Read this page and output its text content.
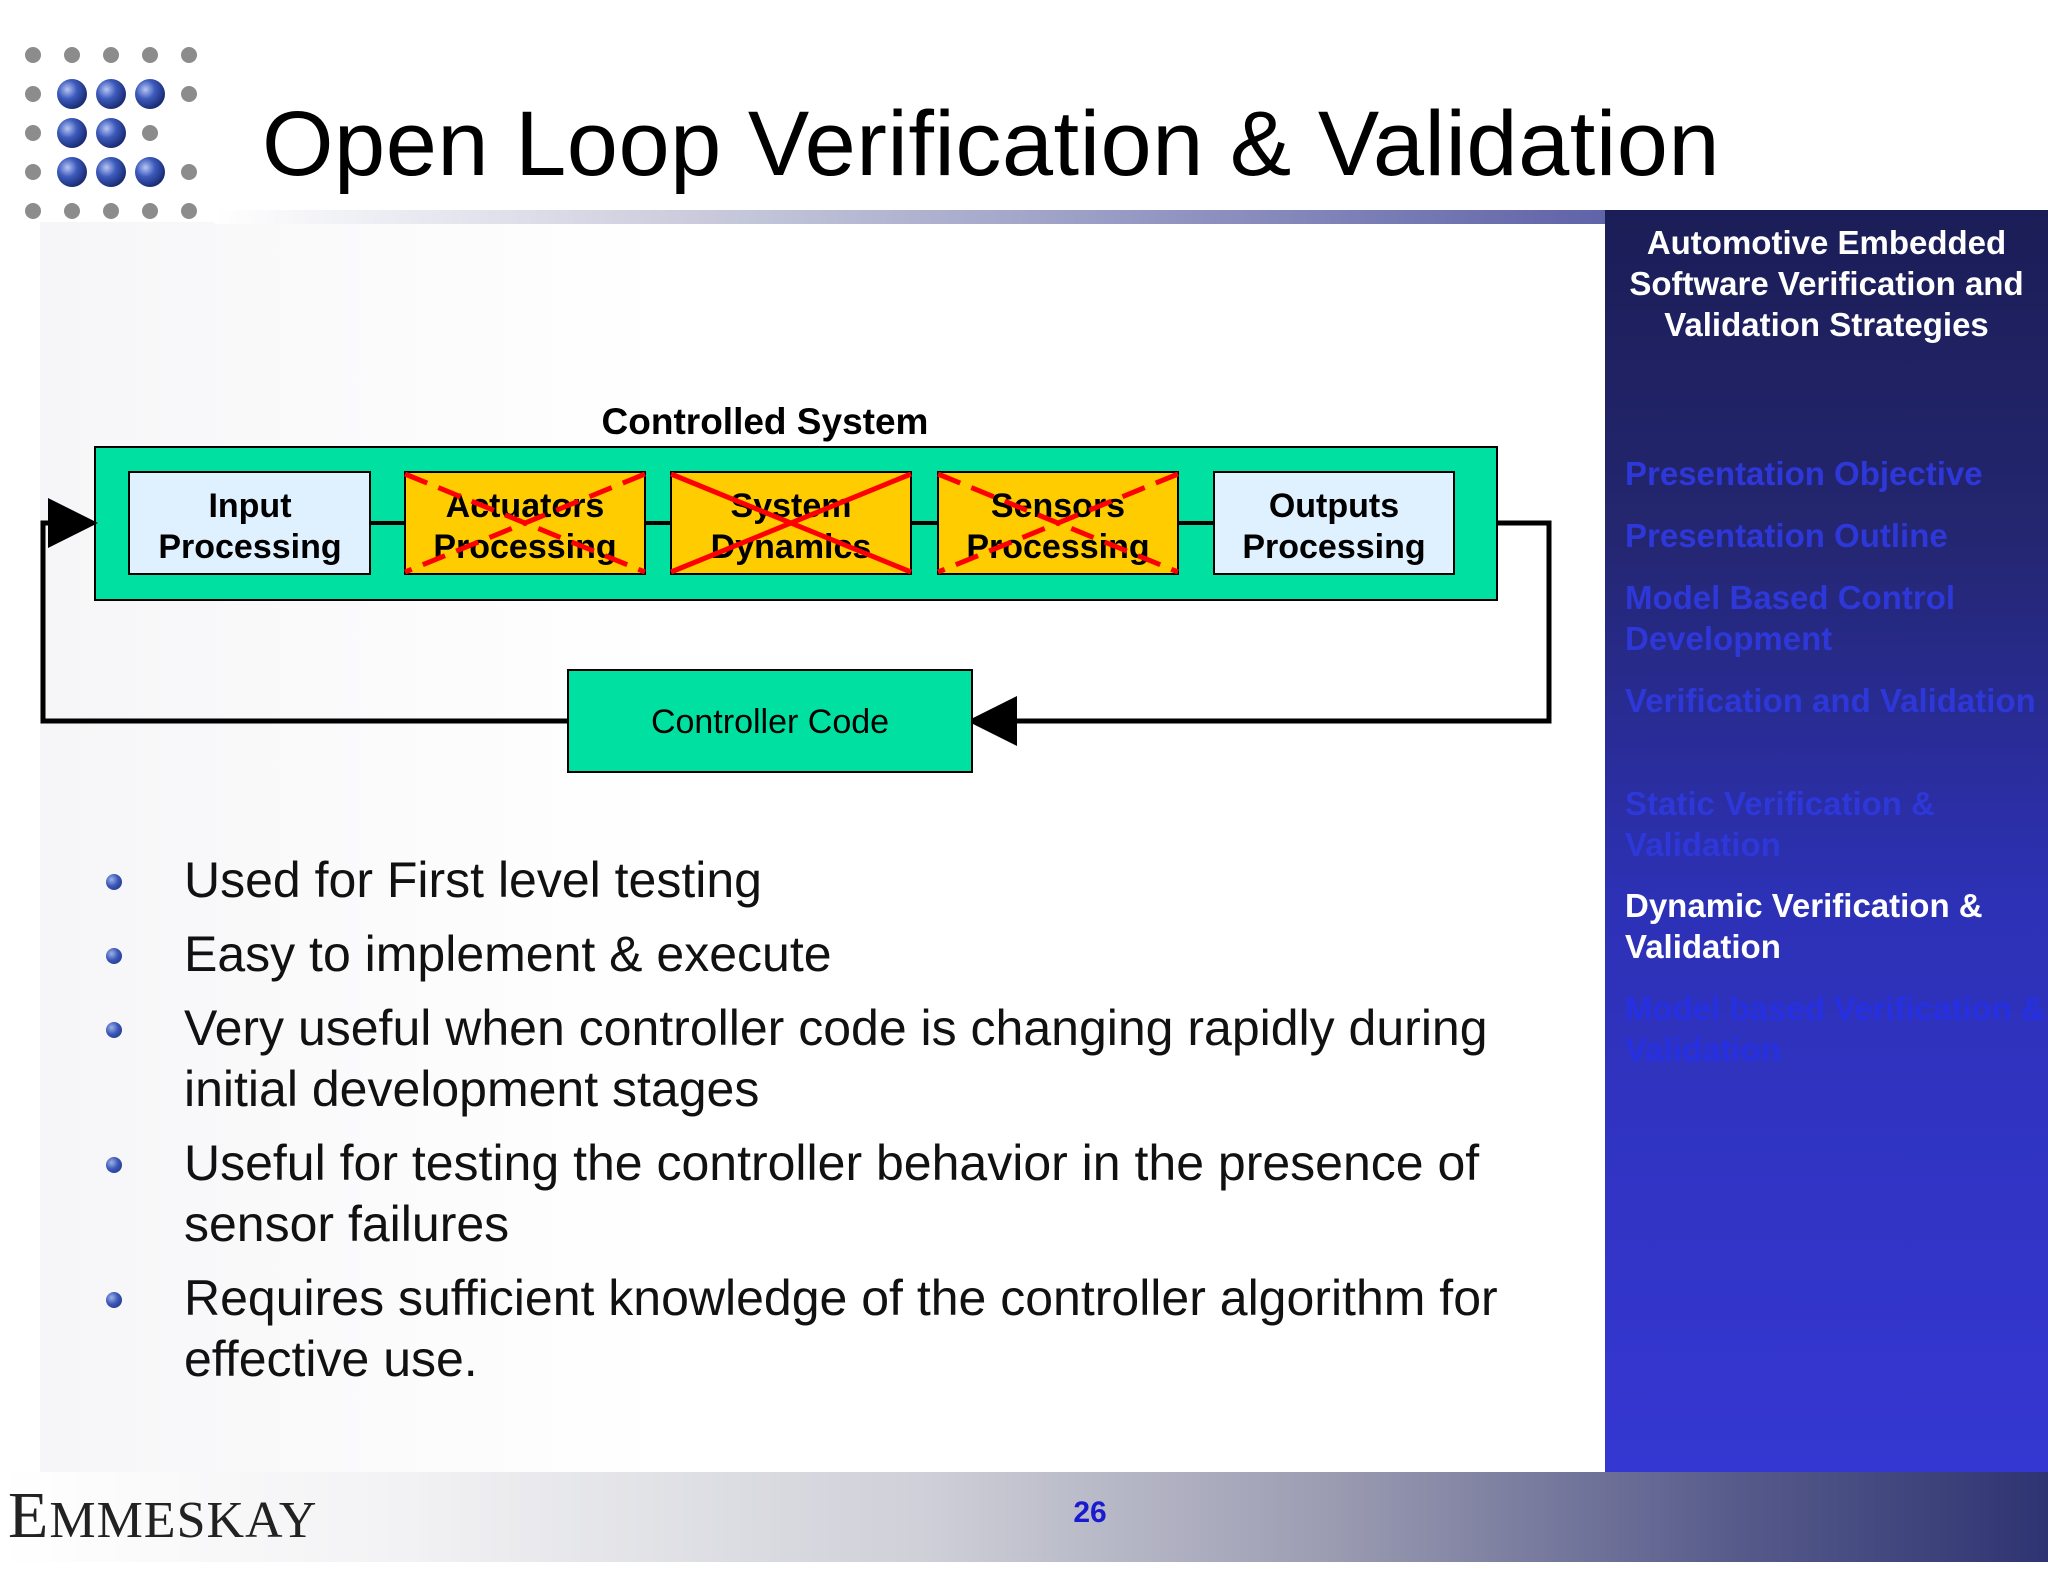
Open Loop Verification & Validation
Automotive Embedded Software Verification and Validation Strategies
Presentation Objective
Presentation Outline
Model Based Control Development
Verification and Validation
Static Verification & Validation
Dynamic Verification & Validation
Model based Verification & Validation
Controlled System
Input
Processing
Actuators
Processing
System
Dynamics
Sensors
Processing
Outputs
Processing
Controller Code
Used for First level testing
Easy to implement & execute
Very useful when controller code is changing rapidly during initial development stages
Useful for testing the controller behavior in the presence of sensor failures
Requires sufficient knowledge of the controller algorithm for effective use.
EMMESKAY	26
